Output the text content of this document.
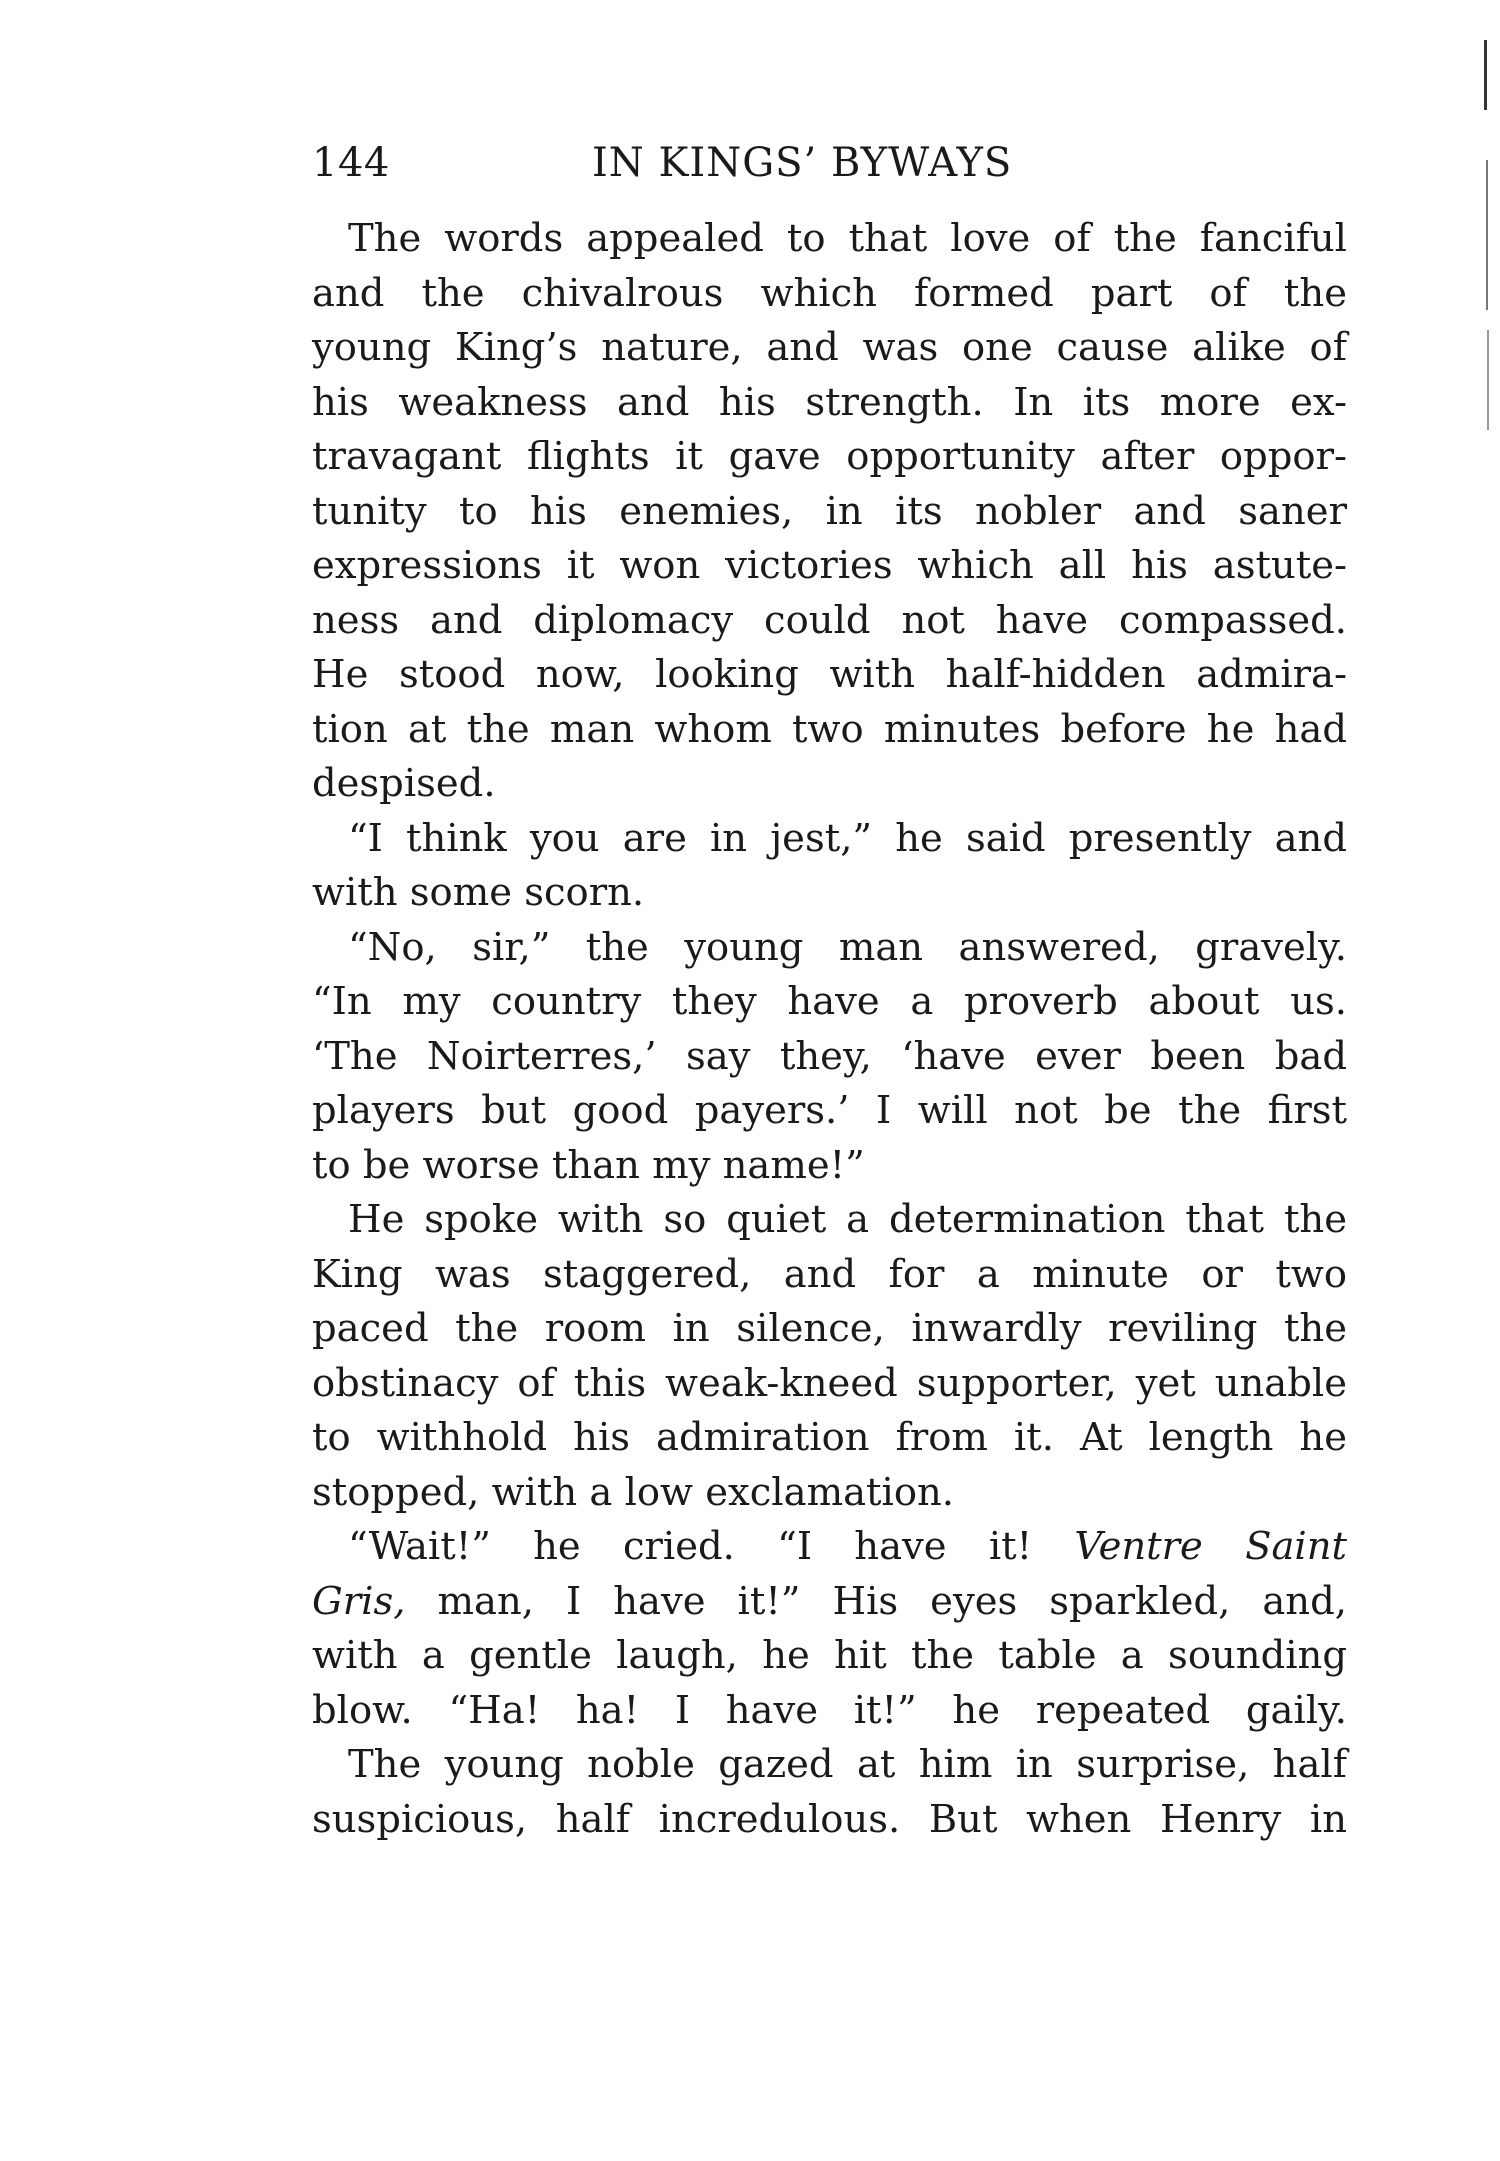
144	IN KINGS’ BYWAYS

The words appealed to that love of the fanciful
and the chivalrous which formed part of the
young King’s nature, and was one cause alike of
his weakness and his strength. In its more ex-
travagant flights it gave opportunity after oppor-
tunity to his enemies, in its nobler and saner
expressions it won victories which all his astute-
ness and diplomacy could not have compassed.
He stood now, looking with half-hidden admira-
tion at the man whom two minutes before he had
despised.

“I think you are in jest,” he said presently and
with some scorn.

“No, sir,” the young man answered, gravely.
“In my country they have a proverb about us.
‘The Noirterres,’ say they, ‘have ever been bad
players but good payers.’ I will not be the first
to be worse than my name!”

He spoke with so quiet a determination that the
King was staggered, and for a minute or two
paced the room in silence, inwardly reviling the
obstinacy of this weak-kneed supporter, yet unable
to withhold his admiration from it. At length he
stopped, with a low exclamation.

“Wait!” he cried. “I have it! Ventre Saint
Gris, man, I have it!” His eyes sparkled, and,
with a gentle laugh, he hit the table a sounding
blow. “Ha! ha! I have it!” he repeated gaily.

The young noble gazed at him in surprise, half
suspicious, half incredulous. But when Henry in
